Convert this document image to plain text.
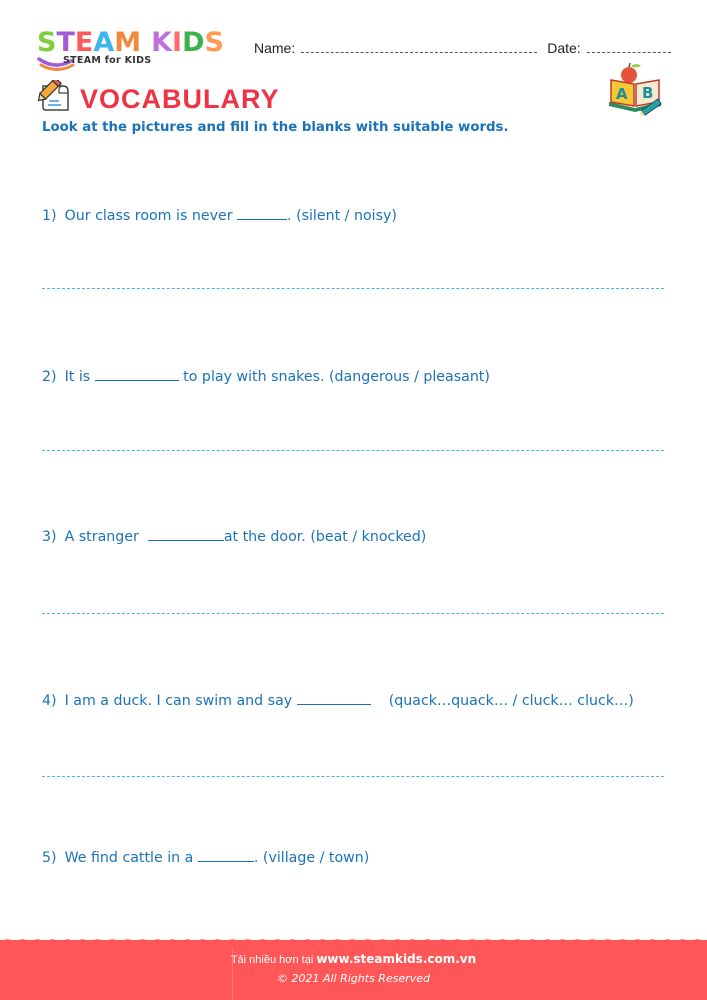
STEAM KIDS
STEAM for KIDS
Name:	Date:
VOCABULARY	A B
Look at the pictures and fill in the blanks with suitable words.
1) Our class room is never	. (silent / noisy)
2) It is	to play with snakes. (dangerous / pleasant)
3) A stranger	at the door. (beat / knocked)
4) I am a duck. I can swim and say	(quack…quack… / cluck… cluck…)
5) We find cattle in a	. (village / town)
Tải nhiều hơn tại www.steamkids.com.vn
© 2021 All Rights Reserved
